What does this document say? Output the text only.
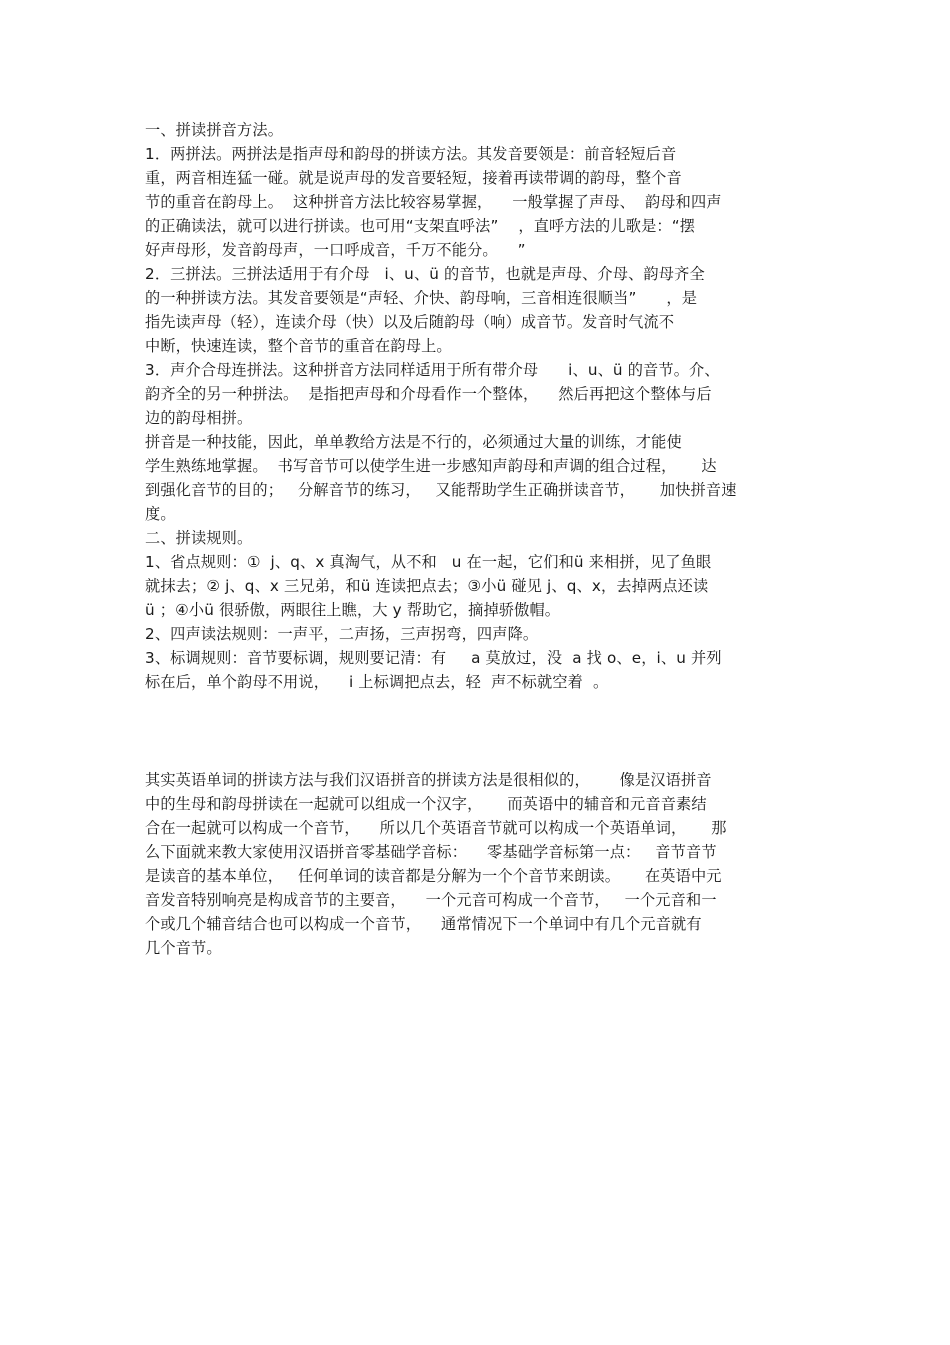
一、拼读拼音方法。
1．两拼法。两拼法是指声母和韵母的拼读方法。其发音要领是：前音轻短后音
重，两音相连猛一碰。就是说声母的发音要轻短，接着再读带调的韵母，整个音
节的重音在韵母上。  这种拼音方法比较容易掌握，    一般掌握了声母、  韵母和四声
的正确读法，就可以进行拼读。也可用“支架直呼法”    ，直呼方法的儿歌是：“摆
好声母形，发音韵母声，一口呼成音，千万不能分。    ”
2．三拼法。三拼法适用于有介母   i、u、ü 的音节，也就是声母、介母、韵母齐全
的一种拼读方法。其发音要领是“声轻、介快、韵母响，三音相连很顺当”      ，是
指先读声母（轻），连读介母（快）以及后随韵母（响）成音节。发音时气流不
中断，快速连读，整个音节的重音在韵母上。
3．声介合母连拼法。这种拼音方法同样适用于所有带介母      i、u、ü 的音节。介、
韵齐全的另一种拼法。  是指把声母和介母看作一个整体，    然后再把这个整体与后
边的韵母相拼。
拼音是一种技能，因此，单单教给方法是不行的，必须通过大量的训练，才能使
学生熟练地掌握。  书写音节可以使学生进一步感知声韵母和声调的组合过程，     达
到强化音节的目的；   分解音节的练习，   又能帮助学生正确拼读音节，     加快拼音速
度。
二、拼读规则。
1、省点规则：①  j、q、x 真淘气，从不和   u 在一起，它们和ü 来相拼，见了鱼眼
就抹去；② j、q、x 三兄弟，和ü 连读把点去；③小ü 碰见 j、q、x，去掉两点还读
ü ；④小ü 很骄傲，两眼往上瞧，大 y 帮助它，摘掉骄傲帽。
2、四声读法规则：一声平，二声扬，三声拐弯，四声降。
3、标调规则：音节要标调，规则要记清：有     a 莫放过，没  a 找 o、e，i、u 并列
标在后，单个韵母不用说，    i 上标调把点去，轻  声不标就空着  。
其实英语单词的拼读方法与我们汉语拼音的拼读方法是很相似的，      像是汉语拼音
中的生母和韵母拼读在一起就可以组成一个汉字，     而英语中的辅音和元音音素结
合在一起就可以构成一个音节，    所以几个英语音节就可以构成一个英语单词，     那
么下面就来教大家使用汉语拼音零基础学音标：    零基础学音标第一点：   音节音节
是读音的基本单位，   任何单词的读音都是分解为一个个音节来朗读。     在英语中元
音发音特别响亮是构成音节的主要音，    一个元音可构成一个音节，   一个元音和一
个或几个辅音结合也可以构成一个音节，    通常情况下一个单词中有几个元音就有
几个音节。
